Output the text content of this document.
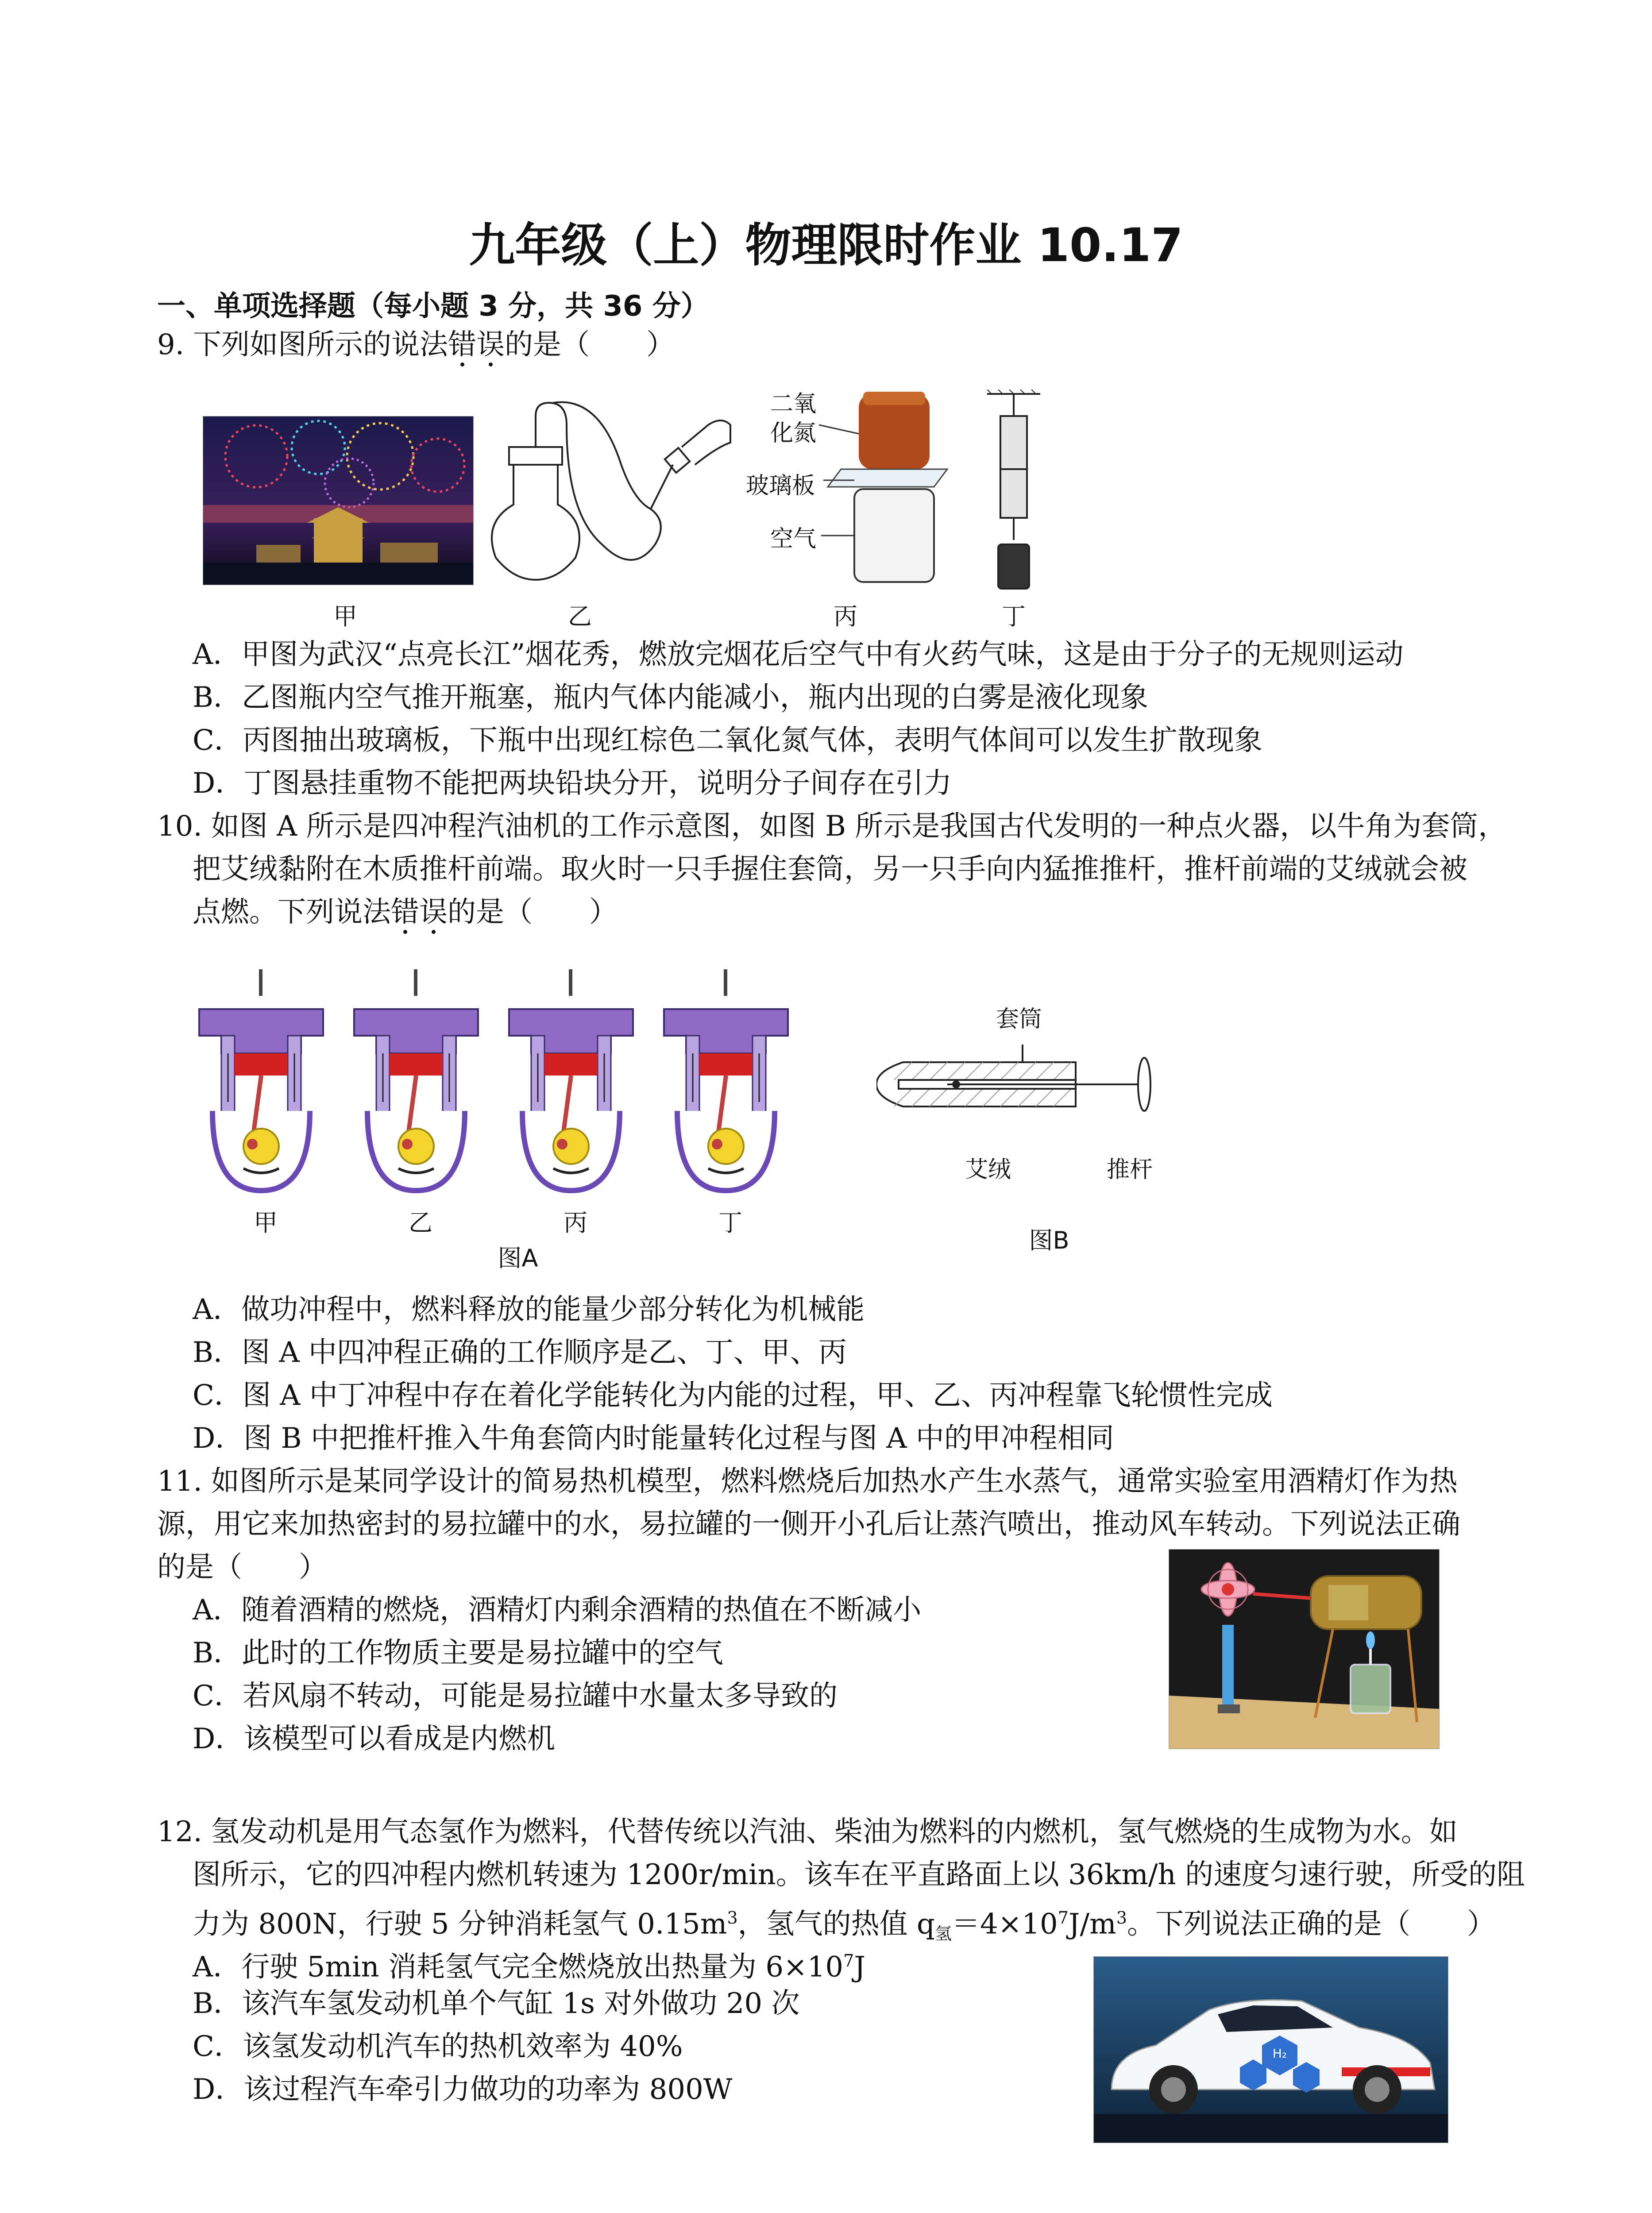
九年级（上）物理限时作业 10.17
一、单项选择题（每小题 3 分，共 36 分）
9. 下列如图所示的说法错误的是（　　）
二氧
化氮
玻璃板
空气
甲	乙	丙	丁
A．甲图为武汉“点亮长江”烟花秀，燃放完烟花后空气中有火药气味，这是由于分子的无规则运动
B．乙图瓶内空气推开瓶塞，瓶内气体内能减小，瓶内出现的白雾是液化现象
C．丙图抽出玻璃板，下瓶中出现红棕色二氧化氮气体，表明气体间可以发生扩散现象
D．丁图悬挂重物不能把两块铅块分开，说明分子间存在引力
10. 如图 A 所示是四冲程汽油机的工作示意图，如图 B 所示是我国古代发明的一种点火器，以牛角为套筒，
把艾绒黏附在木质推杆前端。取火时一只手握住套筒，另一只手向内猛推推杆，推杆前端的艾绒就会被
点燃。下列说法错误的是（　　）
甲	乙	丙	丁
图A
套筒
艾绒	推杆
图B
A．做功冲程中，燃料释放的能量少部分转化为机械能
B．图 A 中四冲程正确的工作顺序是乙、丁、甲、丙
C．图 A 中丁冲程中存在着化学能转化为内能的过程，甲、乙、丙冲程靠飞轮惯性完成
D．图 B 中把推杆推入牛角套筒内时能量转化过程与图 A 中的甲冲程相同
11. 如图所示是某同学设计的简易热机模型，燃料燃烧后加热水产生水蒸气，通常实验室用酒精灯作为热
源，用它来加热密封的易拉罐中的水，易拉罐的一侧开小孔后让蒸汽喷出，推动风车转动。下列说法正确
的是（　　）
A．随着酒精的燃烧，酒精灯内剩余酒精的热值在不断减小
B．此时的工作物质主要是易拉罐中的空气
C．若风扇不转动，可能是易拉罐中水量太多导致的
D．该模型可以看成是内燃机
12. 氢发动机是用气态氢作为燃料，代替传统以汽油、柴油为燃料的内燃机，氢气燃烧的生成物为水。如
图所示，它的四冲程内燃机转速为 1200r/min。该车在平直路面上以 36km/h 的速度匀速行驶，所受的阻
力为 800N，行驶 5 分钟消耗氢气 $0.15m^3$，氢气的热值 $q_氢=4\times 10^7J/m^3$。下列说法正确的是（　　）
A．行驶 5min 消耗氢气完全燃烧放出热量为 $6\times 10^7J$
B．该汽车氢发动机单个气缸 1s 对外做功 20 次
C．该氢发动机汽车的热机效率为 40%
D．该过程汽车牵引力做功的功率为 800W
H₂
